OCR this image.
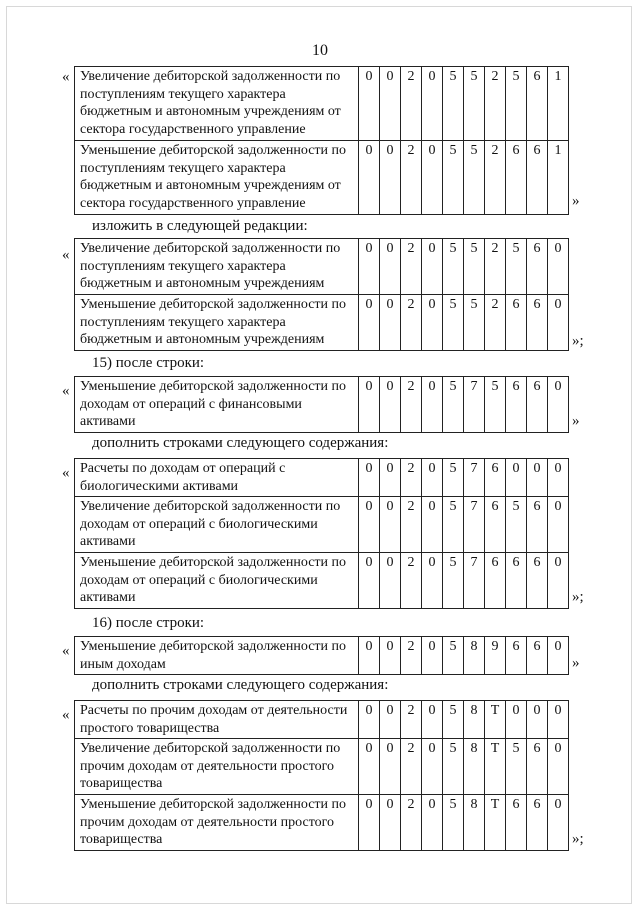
10
« Увеличение дебиторской задолженности по поступлениям текущего характера бюджетным и автономным учреждениям от сектора государственного управление	0	0	2	0	5	5	2	5	6	1
Уменьшение дебиторской задолженности по поступлениям текущего характера бюджетным и автономным учреждениям от сектора государственного управление	0	0	2	0	5	5	2	6	6	1
»
изложить в следующей редакции:
« Увеличение дебиторской задолженности по поступлениям текущего характера бюджетным и автономным учреждениям	0	0	2	0	5	5	2	5	6	0
Уменьшение дебиторской задолженности по поступлениям текущего характера бюджетным и автономным учреждениям	0	0	2	0	5	5	2	6	6	0
»;
15) после строки:
« Уменьшение дебиторской задолженности по доходам от операций с финансовыми активами	0	0	2	0	5	7	5	6	6	0
»
дополнить строками следующего содержания:
« Расчеты по доходам от операций с биологическими активами	0	0	2	0	5	7	6	0	0	0
Увеличение дебиторской задолженности по доходам от операций с биологическими активами	0	0	2	0	5	7	6	5	6	0
Уменьшение дебиторской задолженности по доходам от операций с биологическими активами	0	0	2	0	5	7	6	6	6	0
»;
16) после строки:
« Уменьшение дебиторской задолженности по иным доходам	0	0	2	0	5	8	9	6	6	0
»
дополнить строками следующего содержания:
« Расчеты по прочим доходам от деятельности простого товарищества	0	0	2	0	5	8	Т	0	0	0
Увеличение дебиторской задолженности по прочим доходам от деятельности простого товарищества	0	0	2	0	5	8	Т	5	6	0
Уменьшение дебиторской задолженности по прочим доходам от деятельности простого товарищества	0	0	2	0	5	8	Т	6	6	0
»;
